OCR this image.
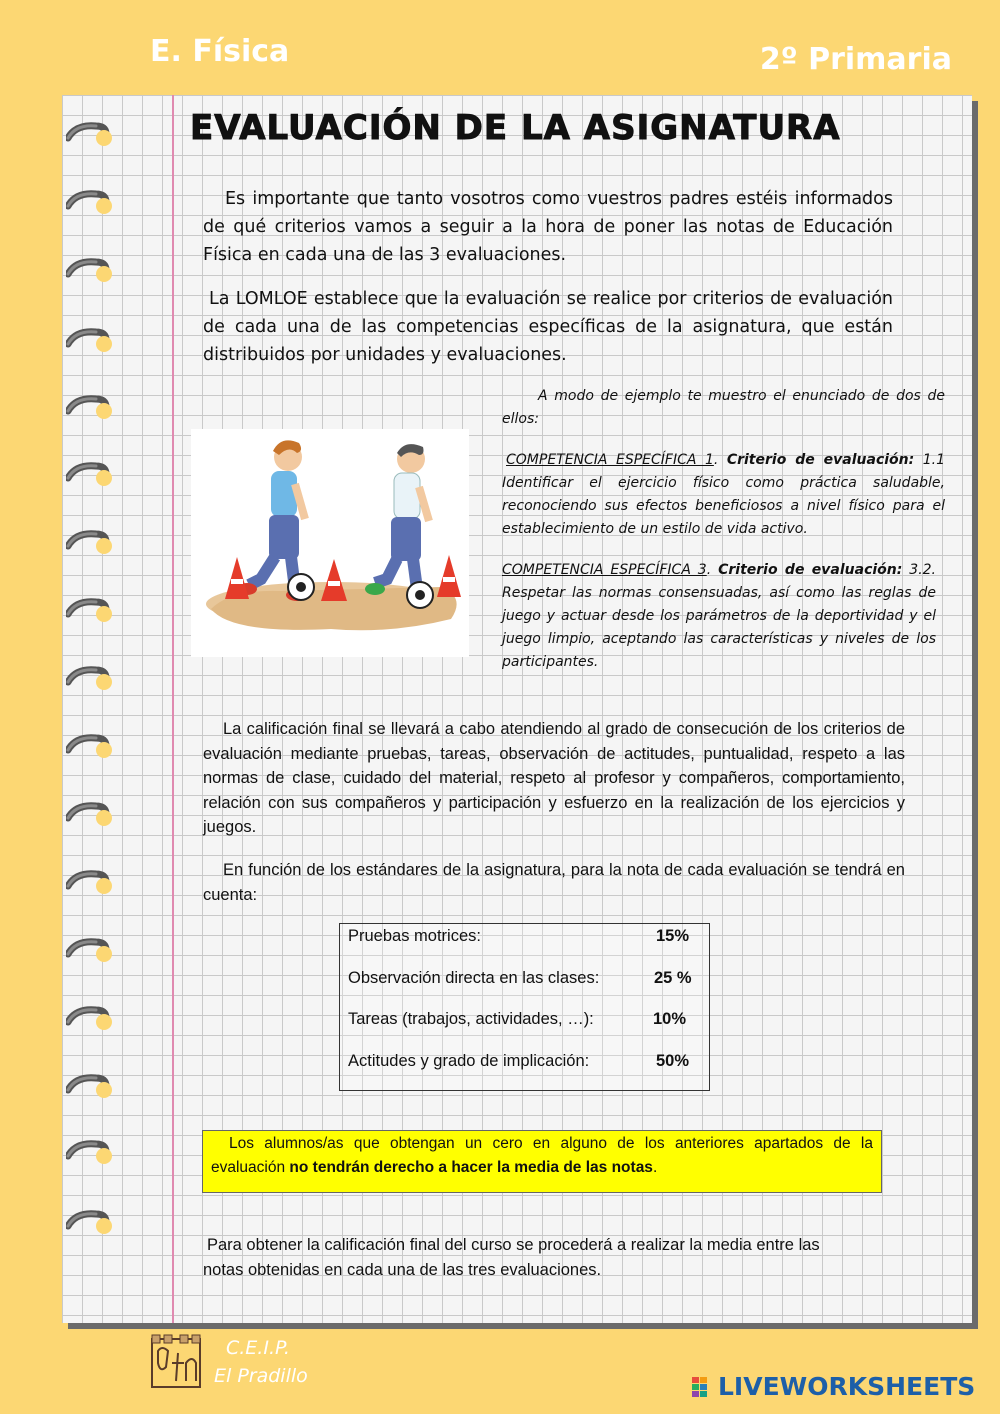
E. Física	2º Primaria
EVALUACIÓN DE LA ASIGNATURA

Es importante que tanto vosotros como vuestros padres estéis informados de qué criterios vamos a seguir a la hora de poner las notas de Educación Física en cada una de las 3 evaluaciones.

La LOMLOE establece que la evaluación se realice por criterios de evaluación de cada una de las competencias específicas de la asignatura, que están distribuidos por unidades y evaluaciones.

A modo de ejemplo te muestro el enunciado de dos de ellos:

COMPETENCIA ESPECÍFICA 1. Criterio de evaluación: 1.1 Identificar el ejercicio físico como práctica saludable, reconociendo sus efectos beneficiosos a nivel físico para el establecimiento de un estilo de vida activo.

COMPETENCIA ESPECÍFICA 3. Criterio de evaluación: 3.2. Respetar las normas consensuadas, así como las reglas de juego y actuar desde los parámetros de la deportividad y el juego limpio, aceptando las características y niveles de los participantes.

La calificación final se llevará a cabo atendiendo al grado de consecución de los criterios de evaluación mediante pruebas, tareas, observación de actitudes, puntualidad, respeto a las normas de clase, cuidado del material, respeto al profesor y compañeros, comportamiento, relación con sus compañeros y participación y esfuerzo en la realización de los ejercicios y juegos.

En función de los estándares de la asignatura, para la nota de cada evaluación se tendrá en cuenta:

Pruebas motrices:	15%
Observación directa en las clases:	25 %
Tareas (trabajos, actividades, …):	10%
Actitudes y grado de implicación:	50%

Los alumnos/as que obtengan un cero en alguno de los anteriores apartados de la evaluación no tendrán derecho a hacer la media de las notas.

Para obtener la calificación final del curso se procederá a realizar la media entre las notas obtenidas en cada una de las tres evaluaciones.

C.E.I.P.
El Pradillo	LIVEWORKSHEETS
